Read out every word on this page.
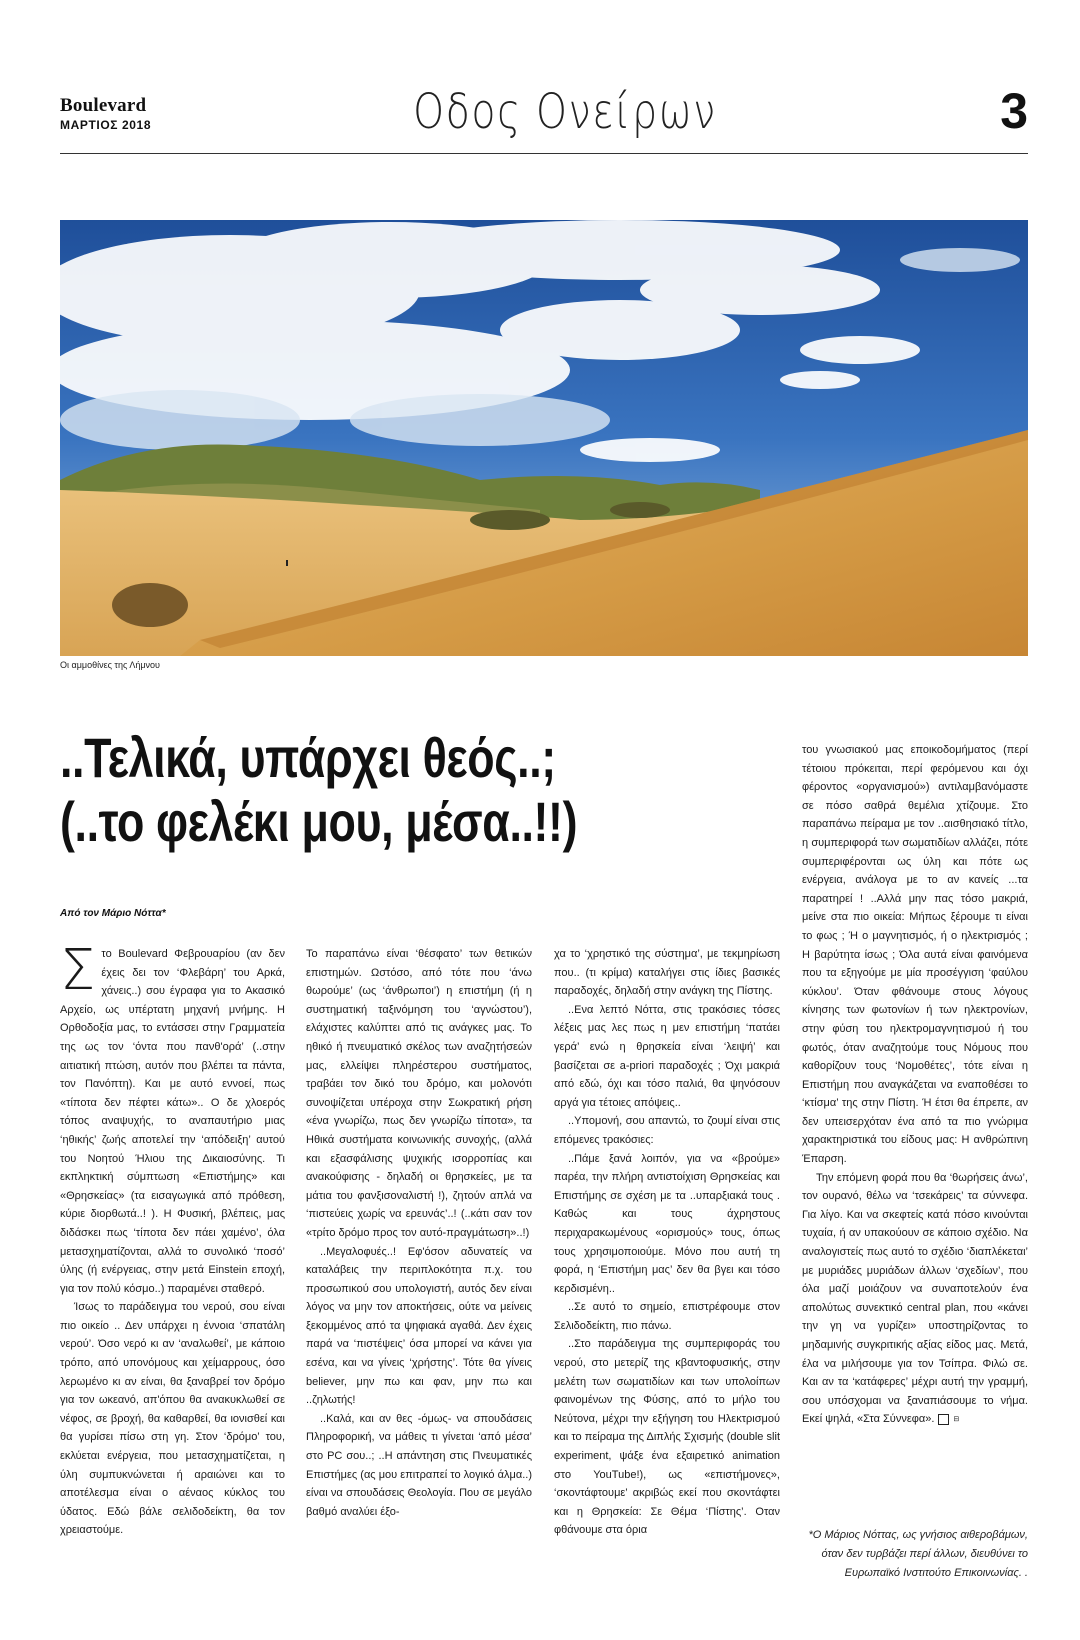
Boulevard
ΜΑΡΤΙΟΣ 2018	Οδος Ονείρων	3
Οι αμμοθίνες της Λήμνου
..Τελικά, υπάρχει θεός..;
(..το φελέκι μου, μέσα..!!)
Από τον Μάριο Νόττα*

Στο Boulevard Φεβρουαρίου (αν δεν έχεις δει τον ‘Φλεβάρη’ του Αρκά, χάνεις..) σου έγραφα για το Ακασικό Αρχείο, ως υπέρτατη μηχανή μνήμης. Η Ορθοδοξία μας, το εντάσσει στην Γραμματεία της ως τον ‘όντα που πανθ'ορά’ (..στην αιτιατική πτώση, αυτόν που βλέπει τα πάντα, τον Πανόπτη). Και με αυτό εννοεί, πως «τίποτα δεν πέφτει κάτω».. Ο δε χλοερός τόπος αναψυχής, το αναπαυτήριο μιας ‘ηθικής’ ζωής αποτελεί την ‘απόδειξη’ αυτού του Νοητού Ήλιου της Δικαιοσύνης. Τι εκπληκτική σύμπτωση «Επιστήμης» και «Θρησκείας» (τα εισαγωγικά από πρόθεση, κύριε διορθωτά..! ). Η Φυσική, βλέπεις, μας διδάσκει πως ‘τίποτα δεν πάει χαμένο’, όλα μετασχηματίζονται, αλλά το συνολικό ‘ποσό’ ύλης (ή ενέργειας, στην μετά Einstein εποχή, για τον πολύ κόσμο..) παραμένει σταθερό.

Ίσως το παράδειγμα του νερού, σου είναι πιο οικείο .. Δεν υπάρχει η έννοια ‘σπατάλη νερού’. Όσο νερό κι αν ‘αναλωθεί’, με κάποιο τρόπο, από υπονόμους και χείμαρρους, όσο λερωμένο κι αν είναι, θα ξαναβρεί τον δρόμο για τον ωκεανό, απ'όπου θα ανακυκλωθεί σε νέφος, σε βροχή, θα καθαρθεί, θα ιονισθεί και θα γυρίσει πίσω στη γη. Στον ‘δρόμο’ του, εκλύεται ενέργεια, που μετασχηματίζεται, η ύλη συμπυκνώνεται ή αραιώνει και το αποτέλεσμα είναι ο αέναος κύκλος του ύδατος. Εδώ βάλε σελιδοδείκτη, θα τον χρειαστούμε.

Το παραπάνω είναι ‘θέσφατο’ των θετικών επιστημών. Ωστόσο, από τότε που ‘άνω θωρούμε’ (ως ‘άνθρωποι’) η επιστήμη (ή η συστηματική ταξινόμηση του ‘αγνώστου’), ελάχιστες καλύπτει από τις ανάγκες μας. Το ηθικό ή πνευματικό σκέλος των αναζητήσεών μας, ελλείψει πληρέστερου συστήματος, τραβάει τον δικό του δρόμο, και μολονότι συνοψίζεται υπέροχα στην Σωκρατική ρήση «ένα γνωρίζω, πως δεν γνωρίζω τίποτα», τα Ηθικά συστήματα κοινωνικής συνοχής, (αλλά και εξασφάλισης ψυχικής ισορροπίας και ανακούφισης - δηλαδή οι θρησκείες, με τα μάτια του φανξισοναλιστή !), ζητούν απλά να ‘πιστεύεις χωρίς να ερευνάς’..! (..κάτι σαν τον «τρίτο δρόμο προς τον αυτό-πραγμάτωση»..!)

..Μεγαλοφυές..! Εφ'όσον αδυνατείς να καταλάβεις την περιπλοκότητα π.χ. του προσωπικού σου υπολογιστή, αυτός δεν είναι λόγος να μην τον αποκτήσεις, ούτε να μείνεις ξεκομμένος από τα ψηφιακά αγαθά. Δεν έχεις παρά να ‘πιστέψεις’ όσα μπορεί να κάνει για εσένα, και να γίνεις ‘χρήστης’. Τότε θα γίνεις believer, μην πω και φαν, μην πω και ..ζηλωτής!

..Καλά, και αν θες -όμως- να σπουδάσεις Πληροφορική, να μάθεις τι γίνεται ‘από μέσα’ στο PC σου..; ..Η απάντηση στις Πνευματικές Επιστήμες (ας μου επιτραπεί το λογικό άλμα..) είναι να σπουδάσεις Θεολογία. Που σε μεγάλο βαθμό αναλύει έξο-

χα το ‘χρηστικό της σύστημα’, με τεκμηρίωση που.. (τι κρίμα) καταλήγει στις ίδιες βασικές παραδοχές, δηλαδή στην ανάγκη της Πίστης.

..Ενα λεπτό Νόττα, στις τρακόσιες τόσες λέξεις μας λες πως η μεν επιστήμη ‘πατάει γερά’ ενώ η θρησκεία είναι ‘λειψή’ και βασίζεται σε a-priori παραδοχές ; Όχι μακριά από εδώ, όχι και τόσο παλιά, θα ψηνόσουν αργά για τέτοιες απόψεις..

..Υπομονή, σου απαντώ, το ζουμί είναι στις επόμενες τρακόσιες:

..Πάμε ξανά λοιπόν, για να «βρούμε» παρέα, την πλήρη αντιστοίχιση Θρησκείας και Επιστήμης σε σχέση με τα ..υπαρξιακά τους . Καθώς και τους άχρηστους περιχαρακωμένους «ορισμούς» τους, όπως τους χρησιμοποιούμε. Μόνο που αυτή τη φορά, η ‘Επιστήμη μας’ δεν θα βγει και τόσο κερδισμένη..

..Σε αυτό το σημείο, επιστρέφουμε στον Σελιδοδείκτη, πιο πάνω.

..Στο παράδειγμα της συμπεριφοράς του νερού, στο μετερίζ της κβαντοφυσικής, στην μελέτη των σωματιδίων και των υπολοίπων φαινομένων της Φύσης, από το μήλο του Νεύτονα, μέχρι την εξήγηση του Ηλεκτρισμού και το πείραμα της Διπλής Σχισμής (double slit experiment, ψάξε ένα εξαιρετικό animation στο YouTube!), ως «επιστήμονες», ‘σκοντάφτουμε’ ακριβώς εκεί που σκοντάφτει και η Θρησκεία: Σε Θέμα ‘Πίστης’. Οταν φθάνουμε στα όρια

του γνωσιακού μας εποικοδομήματος (περί τέτοιου πρόκειται, περί φερόμενου και όχι φέροντος «οργανισμού») αντιλαμβανόμαστε σε πόσο σαθρά θεμέλια χτίζουμε. Στο παραπάνω πείραμα με τον ..αισθησιακό τίτλο, η συμπεριφορά των σωματιδίων αλλάζει, πότε συμπεριφέρονται ως ύλη και πότε ως ενέργεια, ανάλογα με το αν κανείς ...τα παρατηρεί ! ..Αλλά μην πας τόσο μακριά, μείνε στα πιο οικεία: Μήπως ξέρουμε τι είναι το φως ; Ή ο μαγνητισμός, ή ο ηλεκτρισμός ; Η βαρύτητα ίσως ; Όλα αυτά είναι φαινόμενα που τα εξηγούμε με μία προσέγγιση ‘φαύλου κύκλου’. Όταν φθάνουμε στους λόγους κίνησης των φωτονίων ή των ηλεκτρονίων, στην φύση του ηλεκτρομαγνητισμού ή του φωτός, όταν αναζητούμε τους Νόμους που καθορίζουν τους ‘Νομοθέτες’, τότε είναι η Επιστήμη που αναγκάζεται να εναποθέσει το ‘κτίσμα’ της στην Πίστη. Ή έτσι θα έπρεπε, αν δεν υπεισερχόταν ένα από τα πιο γνώριμα χαρακτηριστικά του είδους μας: Η ανθρώπινη Έπαρση.

Την επόμενη φορά που θα ‘θωρήσεις άνω’, τον ουρανό, θέλω να ‘τσεκάρεις’ τα σύννεφα. Για λίγο. Και να σκεφτείς κατά πόσο κινούνται τυχαία, ή αν υπακούουν σε κάποιο σχέδιο. Να αναλογιστείς πως αυτό το σχέδιο ‘διαπλέκεται’ με μυριάδες μυριάδων άλλων ‘σχεδίων’, που όλα μαζί μοιάζουν να συναποτελούν ένα απολύτως συνεκτικό central plan, που «κάνει την γη να γυρίζει» υποστηρίζοντας το μηδαμινής συγκριτικής αξίας είδος μας. Μετά, έλα να μιλήσουμε για τον Τσίπρα. Φιλώ σε. Και αν τα ‘κατάφερες’ μέχρι αυτή την γραμμή, σου υπόσχομαι να ξαναπιάσουμε το νήμα. Εκεί ψηλά, «Στα Σύννεφα».	⊟

*Ο Μάριος Νόττας, ως γνήσιος αιθεροβάμων, όταν δεν τυρβάζει περί άλλων, διευθύνει το Ευρωπαϊκό Ινστιτούτο Επικοινωνίας. .
